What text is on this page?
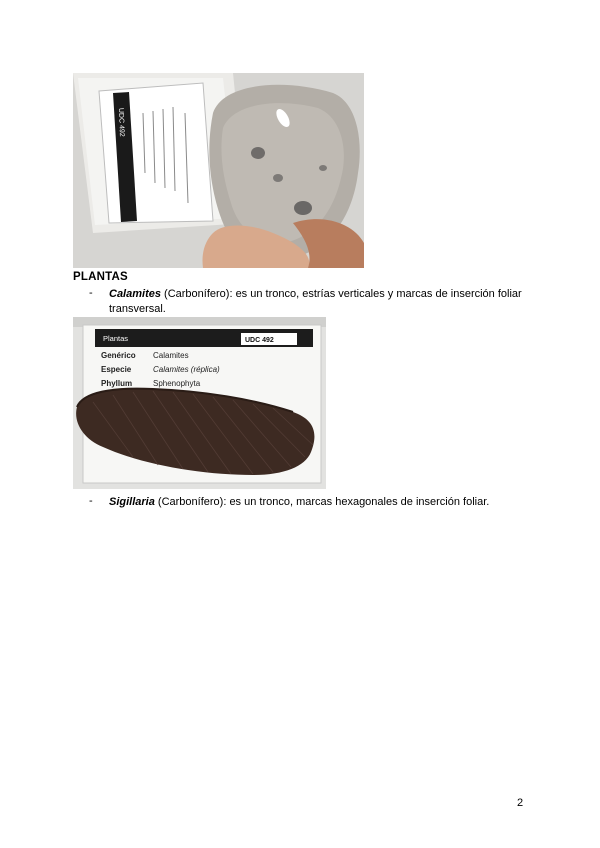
UDC 492
PLANTAS
- Calamites (Carbonífero): es un tronco, estrías verticales y marcas de inserción foliar transversal.
Plantas	UDC 492
Genérico Calamites
Especie	Calamites (réplica)
Phyllum	Sphenophyta
- Sigillaria (Carbonífero): es un tronco, marcas hexagonales de inserción foliar.
2
